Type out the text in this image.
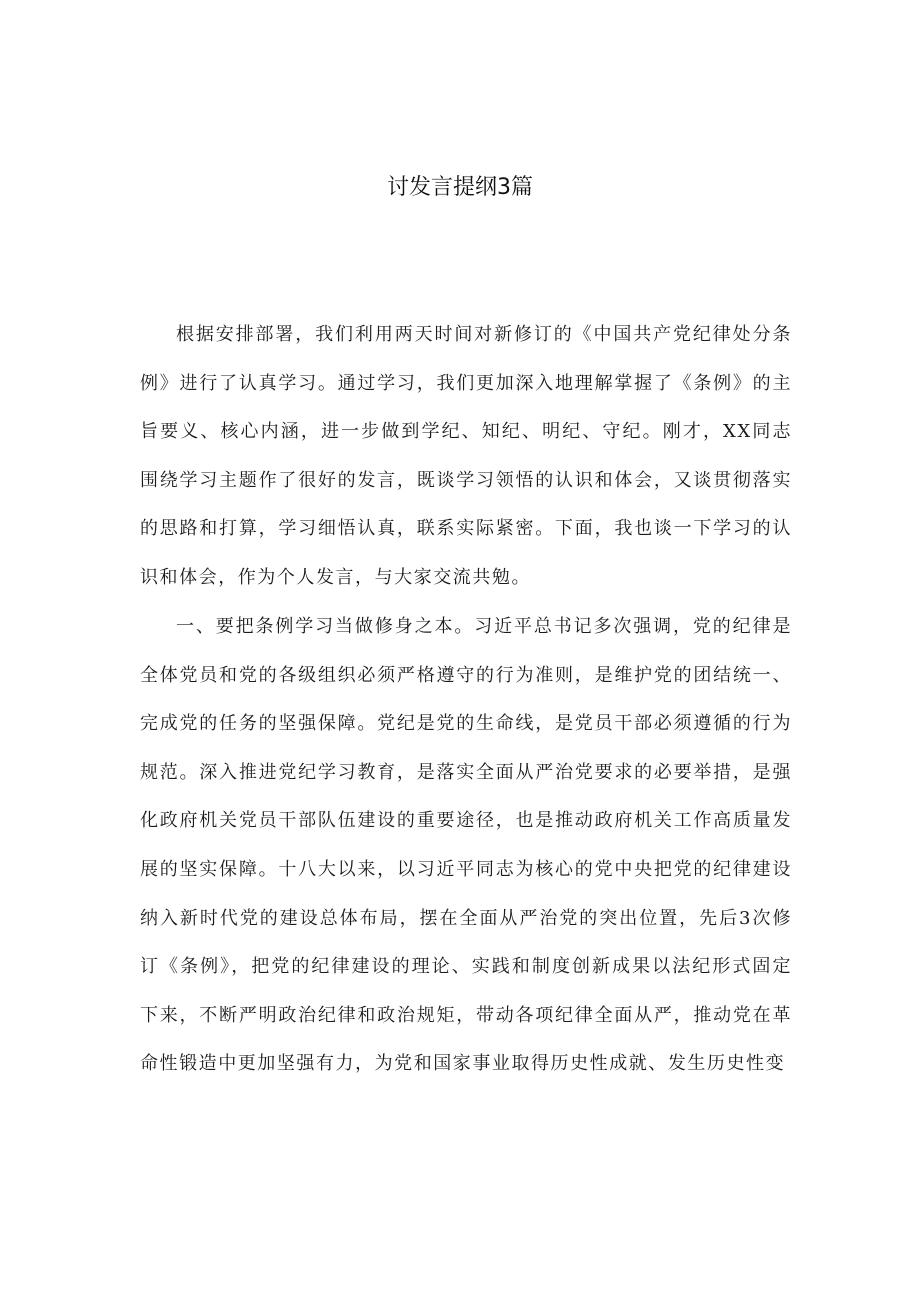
讨发言提纲3篇

根据安排部署，我们利用两天时间对新修订的《中国共产党纪律处分条例》进行了认真学习。通过学习，我们更加深入地理解掌握了《条例》的主旨要义、核心内涵，进一步做到学纪、知纪、明纪、守纪。刚才，XX同志围绕学习主题作了很好的发言，既谈学习领悟的认识和体会，又谈贯彻落实的思路和打算，学习细悟认真，联系实际紧密。下面，我也谈一下学习的认识和体会，作为个人发言，与大家交流共勉。

一、要把条例学习当做修身之本。习近平总书记多次强调，党的纪律是全体党员和党的各级组织必须严格遵守的行为准则，是维护党的团结统一、完成党的任务的坚强保障。党纪是党的生命线，是党员干部必须遵循的行为规范。深入推进党纪学习教育，是落实全面从严治党要求的必要举措，是强化政府机关党员干部队伍建设的重要途径，也是推动政府机关工作高质量发展的坚实保障。十八大以来，以习近平同志为核心的党中央把党的纪律建设纳入新时代党的建设总体布局，摆在全面从严治党的突出位置，先后3次修订《条例》，把党的纪律建设的理论、实践和制度创新成果以法纪形式固定下来，不断严明政治纪律和政治规矩，带动各项纪律全面从严，推动党在革命性锻造中更加坚强有力，为党和国家事业取得历史性成就、发生历史性变
